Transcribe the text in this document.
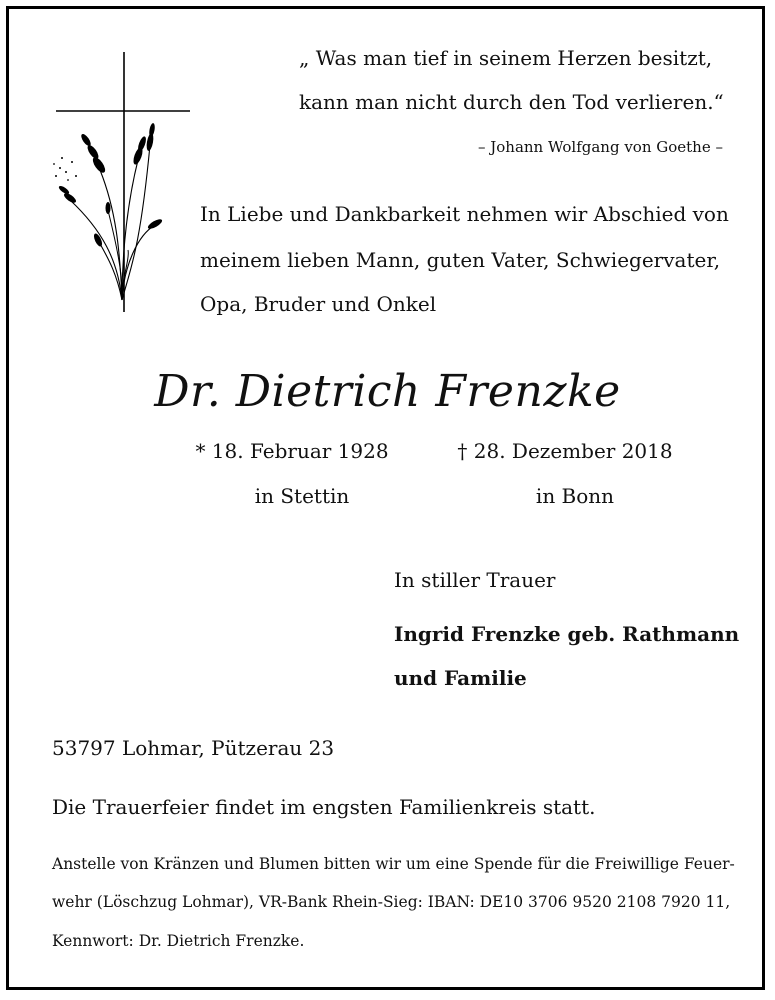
„ Was man tief in seinem Herzen besitzt,
kann man nicht durch den Tod verlieren.“
– Johann Wolfgang von Goethe –
In Liebe und Dankbarkeit nehmen wir Abschied von
meinem lieben Mann, guten Vater, Schwiegervater,
Opa, Bruder und Onkel
Dr. Dietrich Frenzke
* 18. Februar 1928
in Stettin
† 28. Dezember 2018
in Bonn
In stiller Trauer
Ingrid Frenzke geb. Rathmann
und Familie
53797 Lohmar, Pützerau 23
Die Trauerfeier findet im engsten Familienkreis statt.
Anstelle von Kränzen und Blumen bitten wir um eine Spende für die Freiwillige Feuer-
wehr (Löschzug Lohmar), VR-Bank Rhein-Sieg: IBAN: DE10 3706 9520 2108 7920 11,
Kennwort: Dr. Dietrich Frenzke.
